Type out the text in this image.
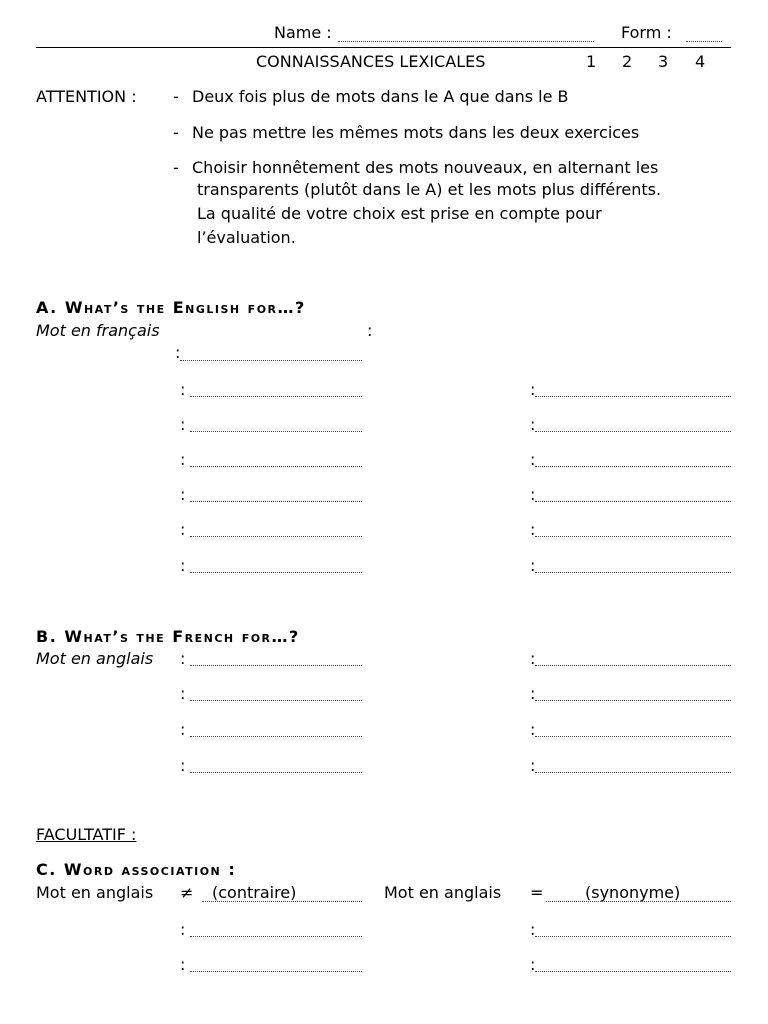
Name :	Form :
CONNAISSANCES LEXICALES	1 2 3 4
ATTENTION : - Deux fois plus de mots dans le A que dans le B
- Ne pas mettre les mêmes mots dans les deux exercices
- Choisir honnêtement des mots nouveaux, en alternant les
transparents (plutôt dans le A) et les mots plus différents.
La qualité de votre choix est prise en compte pour
l’évaluation.
A. What’s the English for…?
Mot en français	:
:
:	:
:	:
:	:
:	:
:	:
:	:
B. What’s the French for…?
Mot en anglais :	:
:	:
:	:
:	:
FACULTATIF :
C. Word association :
Mot en anglais ≠ (contraire)	Mot en anglais =	(synonyme)
:	:
:	:
